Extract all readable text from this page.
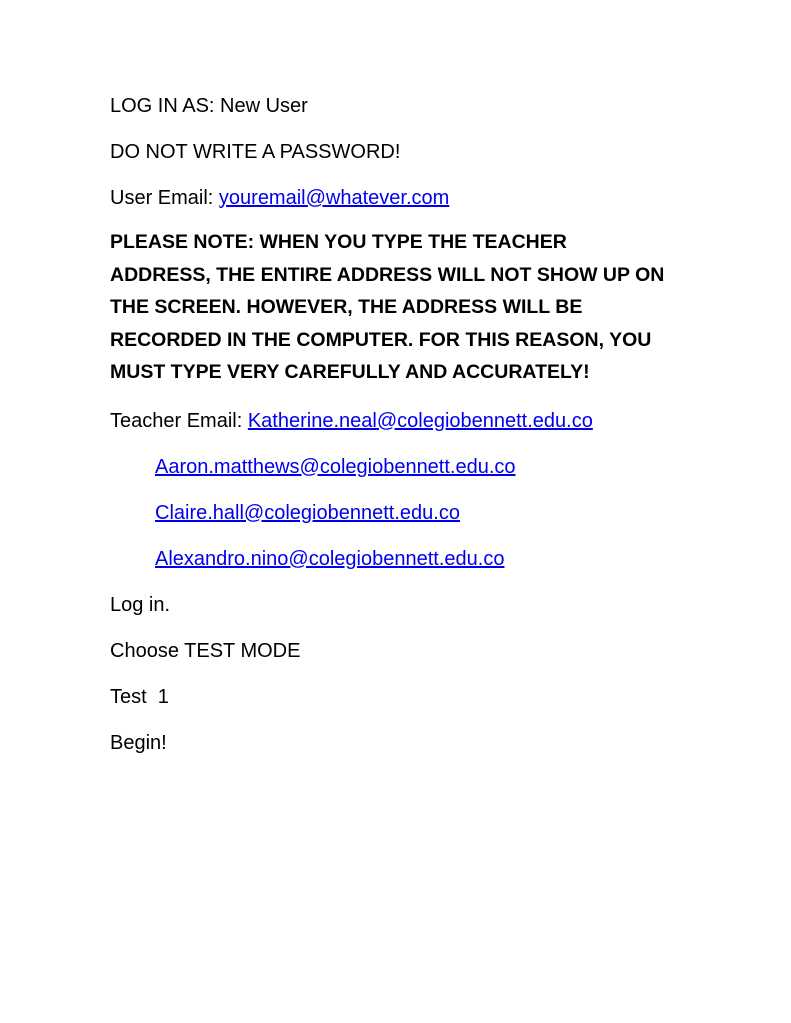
LOG IN AS: New User

DO NOT WRITE A PASSWORD!

User Email: youremail@whatever.com

PLEASE NOTE: WHEN YOU TYPE THE TEACHER ADDRESS, THE ENTIRE ADDRESS WILL NOT SHOW UP ON THE SCREEN. HOWEVER, THE ADDRESS WILL BE RECORDED IN THE COMPUTER. FOR THIS REASON, YOU MUST TYPE VERY CAREFULLY AND ACCURATELY!

Teacher Email: Katherine.neal@colegiobennett.edu.co

Aaron.matthews@colegiobennett.edu.co

Claire.hall@colegiobennett.edu.co

Alexandro.nino@colegiobennett.edu.co

Log in.

Choose TEST MODE

Test  1

Begin!
